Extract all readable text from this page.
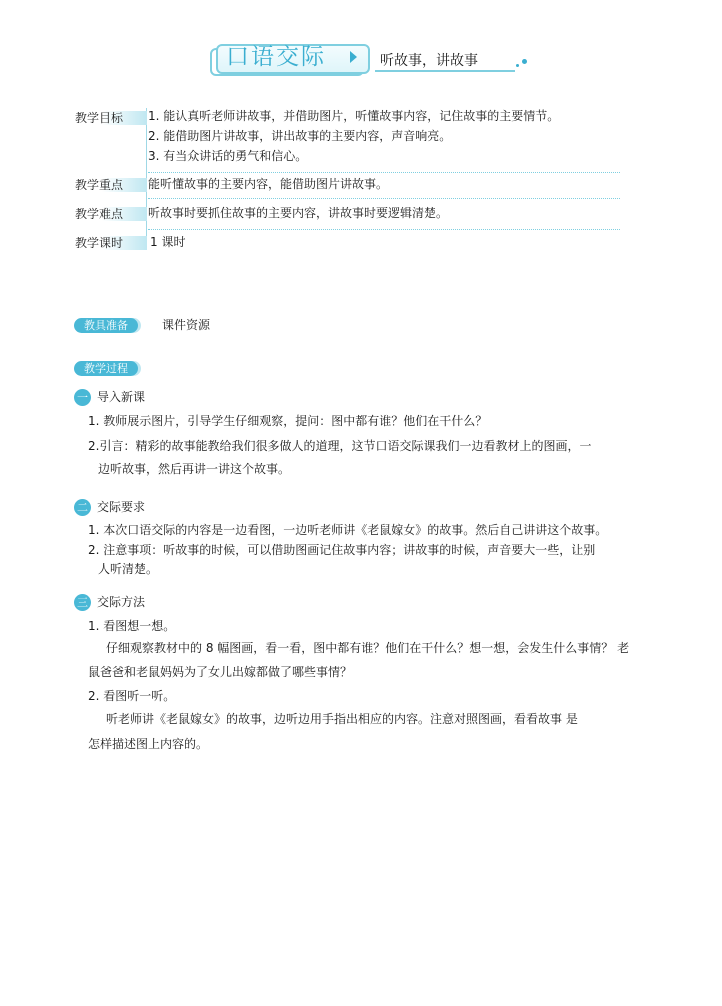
口语交际	听故事，讲故事
教学目标	1. 能认真听老师讲故事，并借助图片，听懂故事内容，记住故事的主要情节。
2. 能借助图片讲故事，讲出故事的主要内容，声音响亮。
3. 有当众讲话的勇气和信心。
教学重点	能听懂故事的主要内容，能借助图片讲故事。
教学难点	听故事时要抓住故事的主要内容，讲故事时要逻辑清楚。
教学课时	1 课时
教具准备	课件资源
教学过程
一 导入新课
1. 教师展示图片，引导学生仔细观察，提问：图中都有谁？他们在干什么？
2.引言：精彩的故事能教给我们很多做人的道理，这节口语交际课我们一边看教材上的图画，一
边听故事，然后再讲一讲这个故事。
二 交际要求
1. 本次口语交际的内容是一边看图，一边听老师讲《老鼠嫁女》的故事。然后自己讲讲这个故事。
2. 注意事项：听故事的时候，可以借助图画记住故事内容；讲故事的时候，声音要大一些，让别
人听清楚。
三 交际方法
1. 看图想一想。
仔细观察教材中的 8 幅图画，看一看，图中都有谁？他们在干什么？想一想，会发生什么事情？ 老
鼠爸爸和老鼠妈妈为了女儿出嫁都做了哪些事情？
2. 看图听一听。
听老师讲《老鼠嫁女》的故事，边听边用手指出相应的内容。注意对照图画，看看故事 是
怎样描述图上内容的。
